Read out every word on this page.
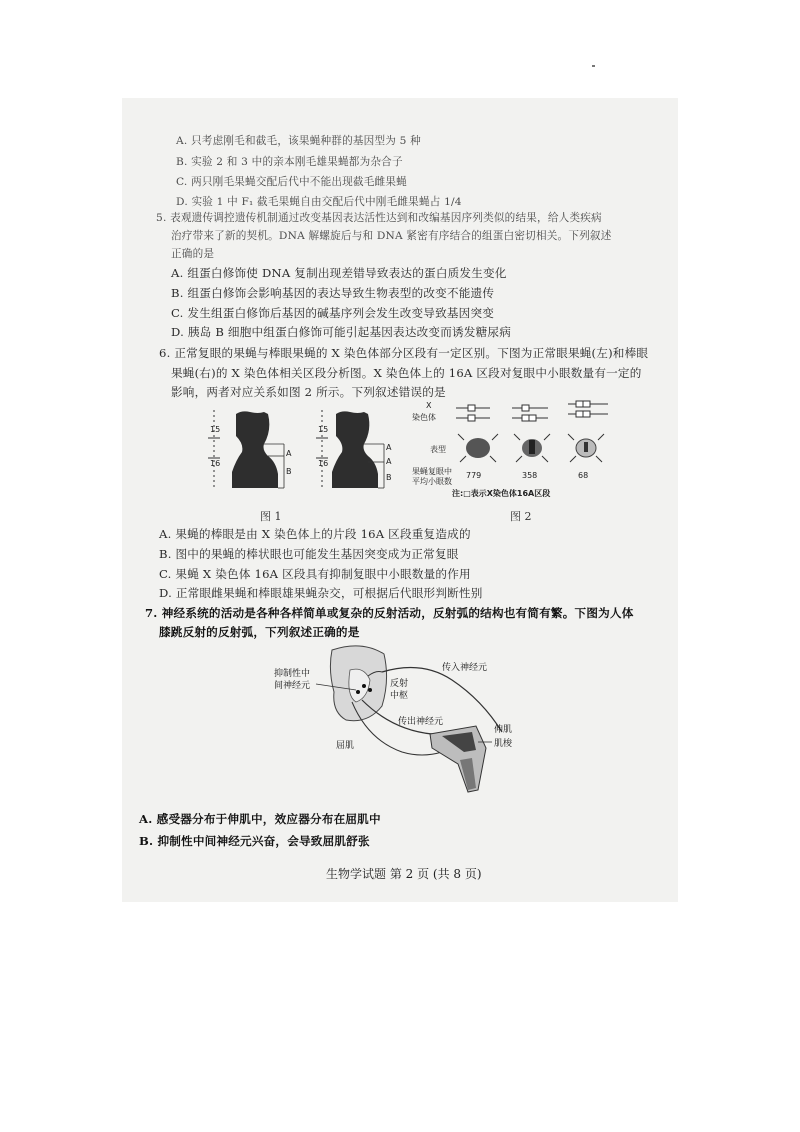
A. 只考虑刚毛和截毛，该果蝇种群的基因型为 5 种
B. 实验 2 和 3 中的亲本刚毛雄果蝇都为杂合子
C. 两只刚毛果蝇交配后代中不能出现截毛雌果蝇
D. 实验 1 中 F₁ 截毛果蝇自由交配后代中刚毛雌果蝇占 1/4
5. 表观遗传调控遗传机制通过改变基因表达活性达到和改编基因序列类似的结果，给人类疾病
治疗带来了新的契机。DNA 解螺旋后与和 DNA 紧密有序结合的组蛋白密切相关。下列叙述
正确的是
A. 组蛋白修饰使 DNA 复制出现差错导致表达的蛋白质发生变化
B. 组蛋白修饰会影响基因的表达导致生物表型的改变不能遗传
C. 发生组蛋白修饰后基因的碱基序列会发生改变导致基因突变
D. 胰岛 B 细胞中组蛋白修饰可能引起基因表达改变而诱发糖尿病
6. 正常复眼的果蝇与棒眼果蝇的 X 染色体部分区段有一定区别。下图为正常眼果蝇(左)和棒眼
果蝇(右)的 X 染色体相关区段分析图。X 染色体上的 16A 区段对复眼中小眼数量有一定的
影响，两者对应关系如图 2 所示。下列叙述错误的是
15
16
A
B
15
16
A
A
B
图 1
X
染色体
表型
果蝇复眼中
平均小眼数
779	358	68
注:□表示X染色体16A区段
图 2
A. 果蝇的棒眼是由 X 染色体上的片段 16A 区段重复造成的
B. 图中的果蝇的棒状眼也可能发生基因突变成为正常复眼
C. 果蝇 X 染色体 16A 区段具有抑制复眼中小眼数量的作用
D. 正常眼雌果蝇和棒眼雄果蝇杂交，可根据后代眼形判断性别
7. 神经系统的活动是各种各样简单或复杂的反射活动，反射弧的结构也有简有繁。下图为人体
膝跳反射的反射弧，下列叙述正确的是
抑制性中
间神经元	反射
中枢
传入神经元
传出神经元
伸肌
肌梭
屈肌
A. 感受器分布于伸肌中，效应器分布在屈肌中
B. 抑制性中间神经元兴奋，会导致屈肌舒张
生物学试题 第 2 页 (共 8 页)
